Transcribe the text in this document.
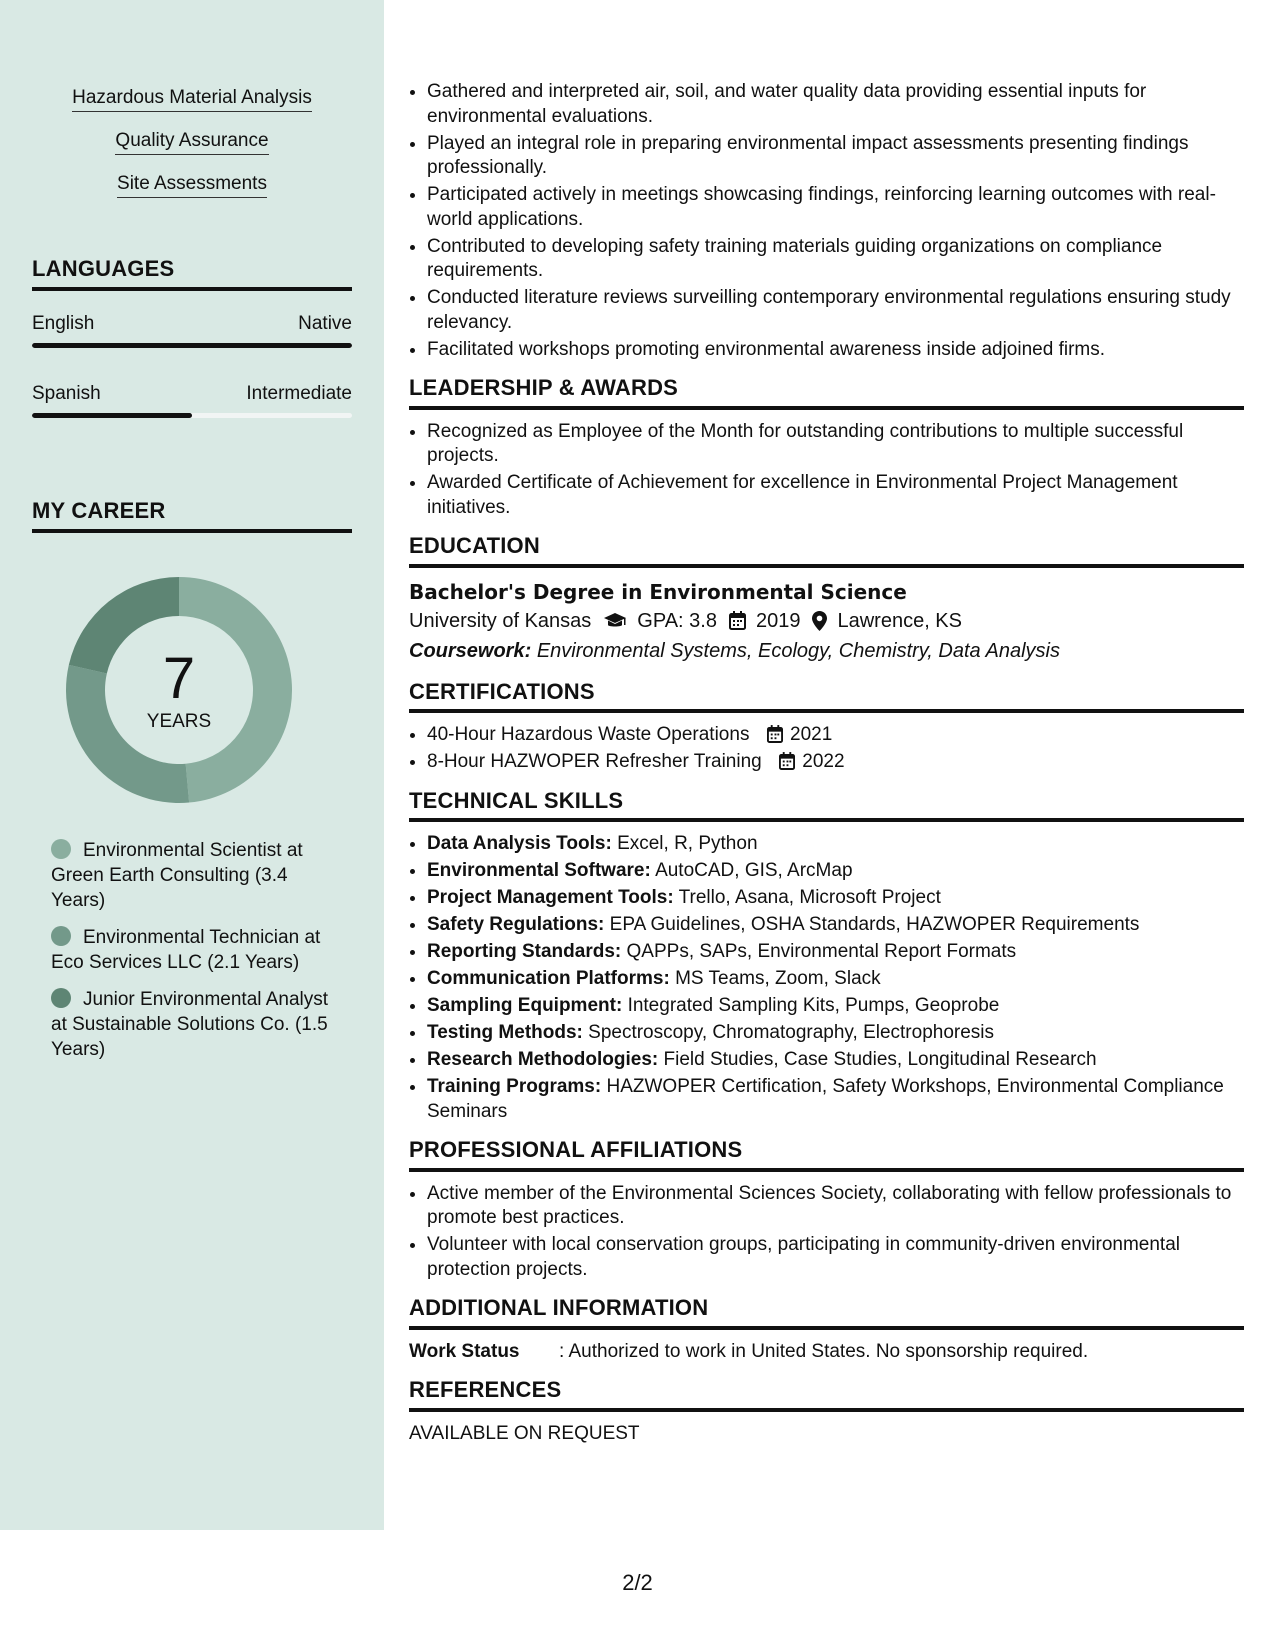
Hazardous Material Analysis
Quality Assurance
Site Assessments
LANGUAGES
English	Native
Spanish	Intermediate
MY CAREER
7
YEARS
Environmental Scientist at Green Earth Consulting (3.4 Years)
Environmental Technician at Eco Services LLC (2.1 Years)
Junior Environmental Analyst at Sustainable Solutions Co. (1.5 Years)
• Gathered and interpreted air, soil, and water quality data providing essential inputs for environmental evaluations.
• Played an integral role in preparing environmental impact assessments presenting findings professionally.
• Participated actively in meetings showcasing findings, reinforcing learning outcomes with real-world applications.
• Contributed to developing safety training materials guiding organizations on compliance requirements.
• Conducted literature reviews surveilling contemporary environmental regulations ensuring study relevancy.
• Facilitated workshops promoting environmental awareness inside adjoined firms.
LEADERSHIP & AWARDS
• Recognized as Employee of the Month for outstanding contributions to multiple successful projects.
• Awarded Certificate of Achievement for excellence in Environmental Project Management initiatives.
EDUCATION
Bachelor's Degree in Environmental Science
University of Kansas GPA: 3.8 2019 Lawrence, KS
Coursework: Environmental Systems, Ecology, Chemistry, Data Analysis
CERTIFICATIONS
• 40-Hour Hazardous Waste Operations 2021
• 8-Hour HAZWOPER Refresher Training 2022
TECHNICAL SKILLS
• Data Analysis Tools: Excel, R, Python
• Environmental Software: AutoCAD, GIS, ArcMap
• Project Management Tools: Trello, Asana, Microsoft Project
• Safety Regulations: EPA Guidelines, OSHA Standards, HAZWOPER Requirements
• Reporting Standards: QAPPs, SAPs, Environmental Report Formats
• Communication Platforms: MS Teams, Zoom, Slack
• Sampling Equipment: Integrated Sampling Kits, Pumps, Geoprobe
• Testing Methods: Spectroscopy, Chromatography, Electrophoresis
• Research Methodologies: Field Studies, Case Studies, Longitudinal Research
• Training Programs: HAZWOPER Certification, Safety Workshops, Environmental Compliance Seminars
PROFESSIONAL AFFILIATIONS
• Active member of the Environmental Sciences Society, collaborating with fellow professionals to promote best practices.
• Volunteer with local conservation groups, participating in community-driven environmental protection projects.
ADDITIONAL INFORMATION
Work Status	: Authorized to work in United States. No sponsorship required.
REFERENCES
AVAILABLE ON REQUEST
2/2
